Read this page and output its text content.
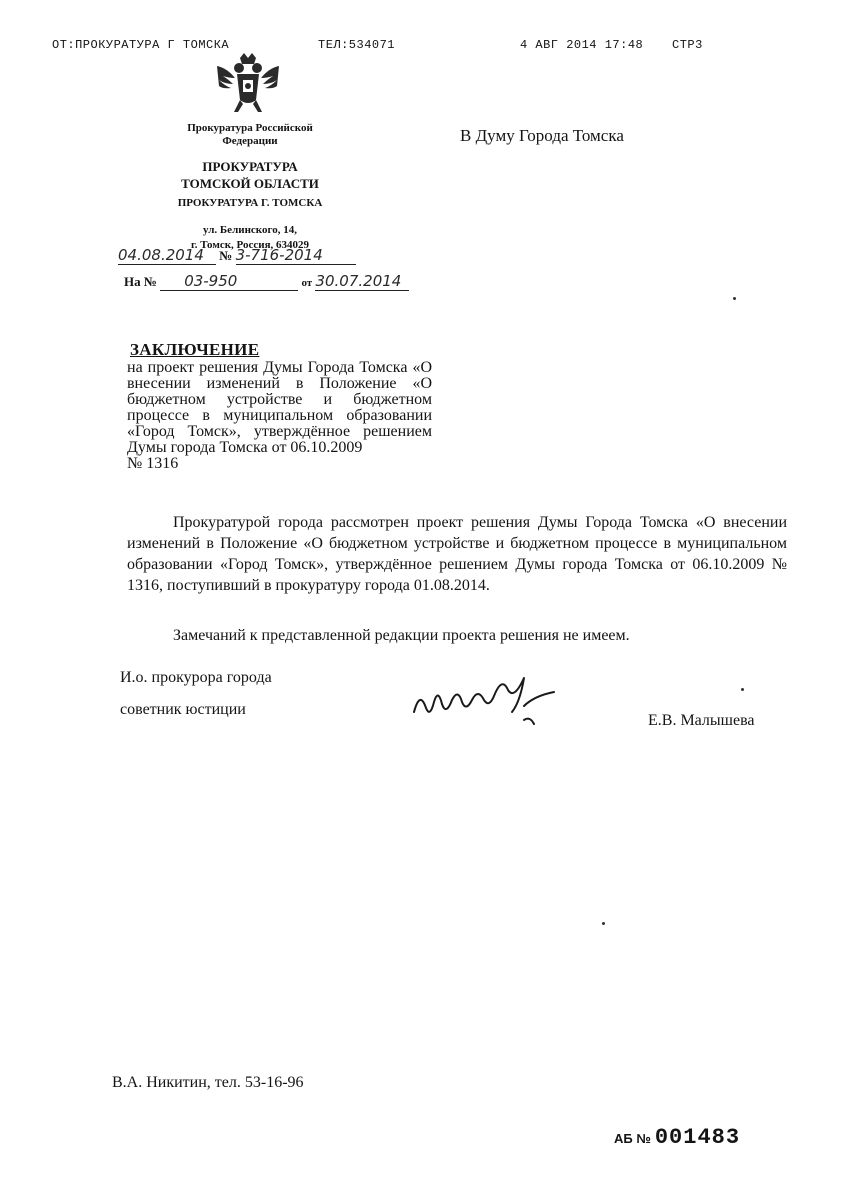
ОТ:ПРОКУРАТУРА Г ТОМСКА	ТЕЛ:534071	4 АВГ 2014 17:48 СТР3
Прокуратура Российской
Федерации
ПРОКУРАТУРА
ТОМСКОЙ ОБЛАСТИ
ПРОКУРАТУРА Г. ТОМСКА
ул. Белинского, 14,
г. Томск, Россия, 634029
04.08.2014 № 3-716-2014
На № 03-950	от 30.07.2014
В Думу Города Томска
ЗАКЛЮЧЕНИЕ
на проект решения Думы Города Томска «О внесении изменений в Положение «О бюджетном устройстве и бюджетном процессе в муниципальном образовании «Город Томск», утверждённое решением Думы города Томска от 06.10.2009
№ 1316
Прокуратурой города рассмотрен проект решения Думы Города Томска «О внесении изменений в Положение «О бюджетном устройстве и бюджетном процессе в муниципальном образовании «Город Томск», утверждённое решением Думы города Томска от 06.10.2009 № 1316, поступивший в прокуратуру города 01.08.2014.
Замечаний к представленной редакции проекта решения не имеем.
И.о. прокурора города
советник юстиции
Е.В. Малышева
В.А. Никитин, тел. 53-16-96
АБ № 001483
